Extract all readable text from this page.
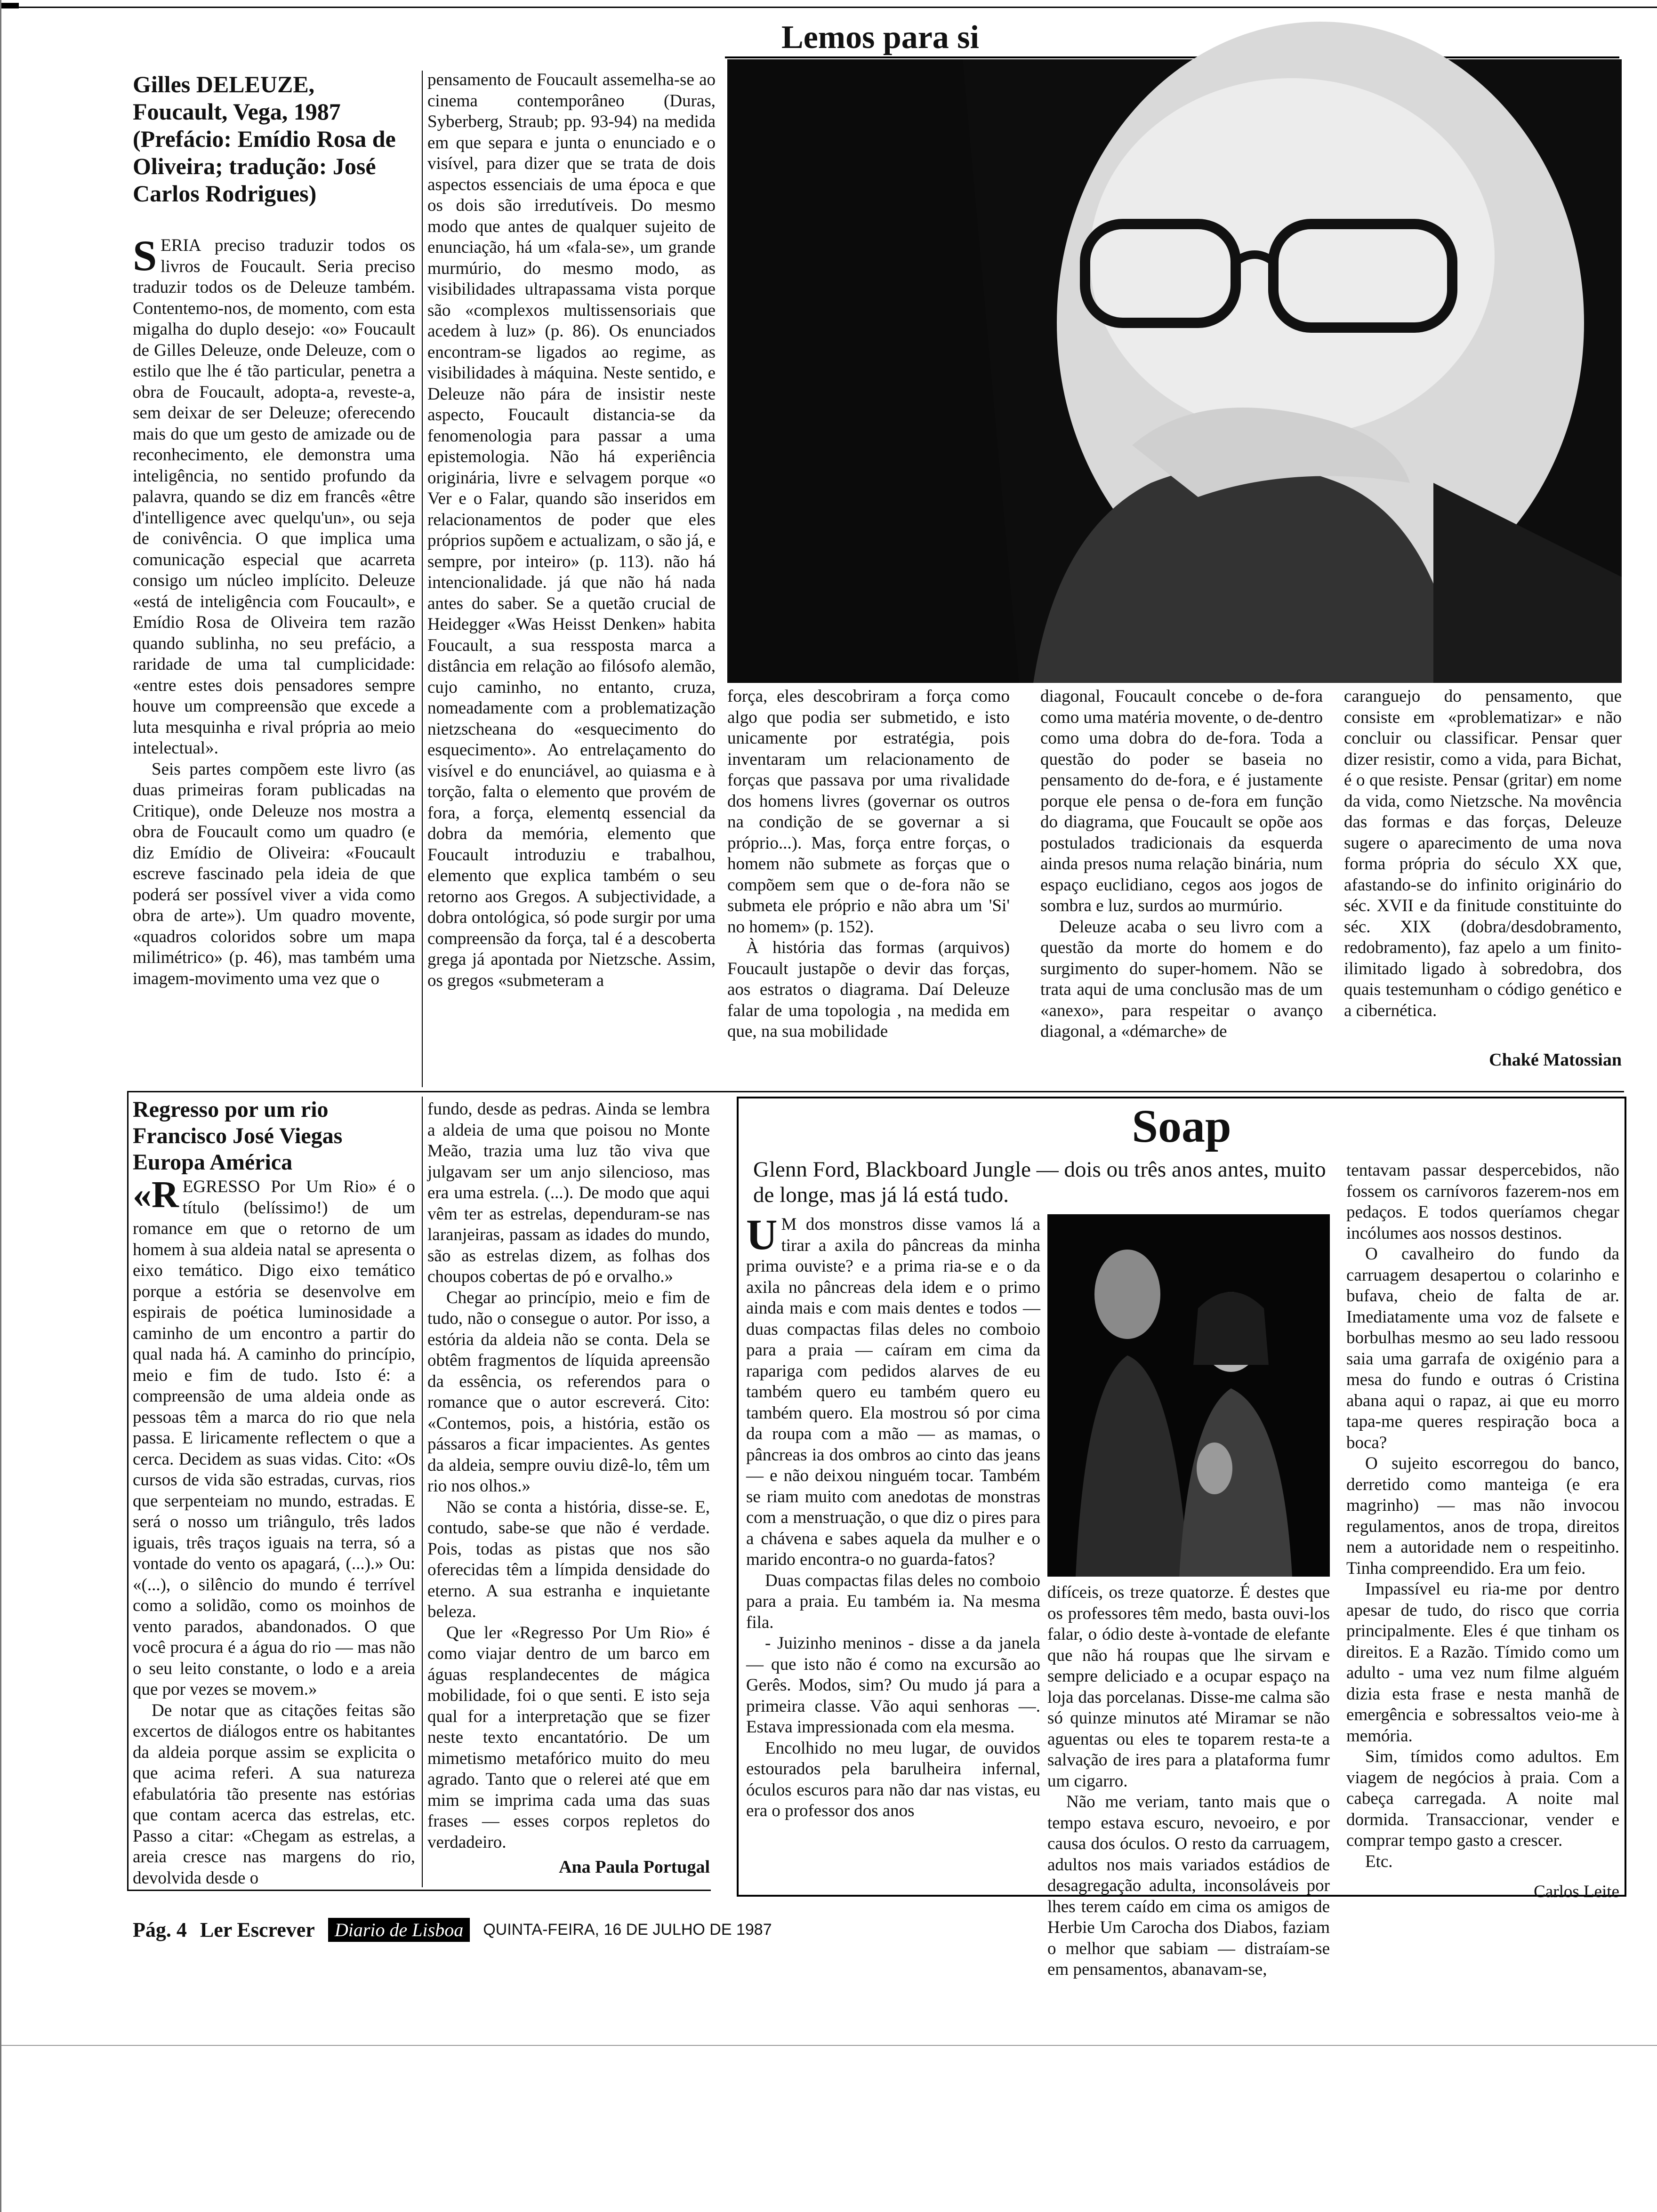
Lemos para si
Gilles DELEUZE,
Foucault, Vega, 1987
(Prefácio: Emídio Rosa de
Oliveira; tradução: José
Carlos Rodrigues)

SERIA preciso traduzir todos os livros de Foucault. Seria preciso traduzir todos os de Deleuze também. Contentemo-nos, de momento, com esta migalha do duplo desejo: «o» Foucault de Gilles Deleuze, onde Deleuze, com o estilo que lhe é tão particular, penetra a obra de Foucault, adopta-a, reveste-a, sem deixar de ser Deleuze; oferecendo mais do que um gesto de amizade ou de reconhecimento, ele demonstra uma inteligência, no sentido profundo da palavra, quando se diz em francês «être d'intelligence avec quelqu'un», ou seja de conivência. O que implica uma comunicação especial que acarreta consigo um núcleo implícito. Deleuze «está de inteligência com Foucault», e Emídio Rosa de Oliveira tem razão quando sublinha, no seu prefácio, a raridade de uma tal cumplicidade: «entre estes dois pensadores sempre houve um compreensão que excede a luta mesquinha e rival própria ao meio intelectual».

Seis partes compõem este livro (as duas primeiras foram publicadas na Critique), onde Deleuze nos mostra a obra de Foucault como um quadro (e diz Emídio de Oliveira: «Foucault escreve fascinado pela ideia de que poderá ser possível viver a vida como obra de arte»). Um quadro movente, «quadros coloridos sobre um mapa milimétrico» (p. 46), mas também uma imagem-movimento uma vez que o

pensamento de Foucault assemelha-se ao cinema contemporâneo (Duras, Syberberg, Straub; pp. 93-94) na medida em que separa e junta o enunciado e o visível, para dizer que se trata de dois aspectos essenciais de uma época e que os dois são irredutíveis. Do mesmo modo que antes de qualquer sujeito de enunciação, há um «fala-se», um grande murmúrio, do mesmo modo, as visibilidades ultrapassama vista porque são «complexos multissensoriais que acedem à luz» (p. 86). Os enunciados encontram-se ligados ao regime, as visibilidades à máquina. Neste sentido, e Deleuze não pára de insistir neste aspecto, Foucault distancia-se da fenomenologia para passar a uma epistemologia. Não há experiência originária, livre e selvagem porque «o Ver e o Falar, quando são inseridos em relacionamentos de poder que eles próprios supõem e actualizam, o são já, e sempre, por inteiro» (p. 113). não há intencionalidade. já que não há nada antes do saber. Se a quetão crucial de Heidegger «Was Heisst Denken» habita Foucault, a sua ressposta marca a distância em relação ao filósofo alemão, cujo caminho, no entanto, cruza, nomeadamente com a problematização nietzscheana do «esquecimento do esquecimento». Ao entrelaçamento do visível e do enunciável, ao quiasma e à torção, falta o elemento que provém de fora, a força, elementq essencial da dobra da memória, elemento que Foucault introduziu e trabalhou, elemento que explica também o seu retorno aos Gregos. A subjectividade, a dobra ontológica, só pode surgir por uma compreensão da força, tal é a descoberta grega já apontada por Nietzsche. Assim, os gregos «submeteram a

força, eles descobriram a força como algo que podia ser submetido, e isto unicamente por estratégia, pois inventaram um relacionamento de forças que passava por uma rivalidade dos homens livres (governar os outros na condição de se governar a si próprio...). Mas, força entre forças, o homem não submete as forças que o compõem sem que o de-fora não se submeta ele próprio e não abra um 'Si' no homem» (p. 152).

À história das formas (arquivos) Foucault justapõe o devir das forças, aos estratos o diagrama. Daí Deleuze falar de uma topologia , na medida em que, na sua mobilidade

diagonal, Foucault concebe o de-fora como uma matéria movente, o de-dentro como uma dobra do de-fora. Toda a questão do poder se baseia no pensamento do de-fora, e é justamente porque ele pensa o de-fora em função do diagrama, que Foucault se opõe aos postulados tradicionais da esquerda ainda presos numa relação binária, num espaço euclidiano, cegos aos jogos de sombra e luz, surdos ao murmúrio.

Deleuze acaba o seu livro com a questão da morte do homem e do surgimento do super-homem. Não se trata aqui de uma conclusão mas de um «anexo», para respeitar o avanço diagonal, a «démarche» de

caranguejo do pensamento, que consiste em «problematizar» e não concluir ou classificar. Pensar quer dizer resistir, como a vida, para Bichat, é o que resiste. Pensar (gritar) em nome da vida, como Nietzsche. Na movência das formas e das forças, Deleuze sugere o aparecimento de uma nova forma própria do século XX que, afastando-se do infinito originário do séc. XVII e da finitude constituinte do séc. XIX (dobra/desdobramento, redobramento), faz apelo a um finito-ilimitado ligado à sobredobra, dos quais testemunham o código genético e a cibernética.

Chaké Matossian
Regresso por um rio
Francisco José Viegas
Europa América

«REGRESSO Por Um Rio» é o título (belíssimo!) de um romance em que o retorno de um homem à sua aldeia natal se apresenta o eixo temático. Digo eixo temático porque a estória se desenvolve em espirais de poética luminosidade a caminho de um encontro a partir do qual nada há. A caminho do princípio, meio e fim de tudo. Isto é: a compreensão de uma aldeia onde as pessoas têm a marca do rio que nela passa. E liricamente reflectem o que a cerca. Decidem as suas vidas. Cito: «Os cursos de vida são estradas, curvas, rios que serpenteiam no mundo, estradas. E será o nosso um triângulo, três lados iguais, três traços iguais na terra, só a vontade do vento os apagará, (...).» Ou: «(...), o silêncio do mundo é terrível como a solidão, como os moinhos de vento parados, abandonados. O que você procura é a água do rio — mas não o seu leito constante, o lodo e a areia que por vezes se movem.»

De notar que as citações feitas são excertos de diálogos entre os habitantes da aldeia porque assim se explicita o que acima referi. A sua natureza efabulatória tão presente nas estórias que contam acerca das estrelas, etc. Passo a citar: «Chegam as estrelas, a areia cresce nas margens do rio, devolvida desde o

fundo, desde as pedras. Ainda se lembra a aldeia de uma que poisou no Monte Meão, trazia uma luz tão viva que julgavam ser um anjo silencioso, mas era uma estrela. (...). De modo que aqui vêm ter as estrelas, dependuram-se nas laranjeiras, passam as idades do mundo, são as estrelas dizem, as folhas dos choupos cobertas de pó e orvalho.»

Chegar ao princípio, meio e fim de tudo, não o consegue o autor. Por isso, a estória da aldeia não se conta. Dela se obtêm fragmentos de líquida apreensão da essência, os referendos para o romance que o autor escreverá. Cito: «Contemos, pois, a história, estão os pássaros a ficar impacientes. As gentes da aldeia, sempre ouviu dizê-lo, têm um rio nos olhos.»

Não se conta a história, disse-se. E, contudo, sabe-se que não é verdade. Pois, todas as pistas que nos são oferecidas têm a límpida densidade do eterno. A sua estranha e inquietante beleza.

Que ler «Regresso Por Um Rio» é como viajar dentro de um barco em águas resplandecentes de mágica mobilidade, foi o que senti. E isto seja qual for a interpretação que se fizer neste texto encantatório. De um mimetismo metafórico muito do meu agrado. Tanto que o relerei até que em mim se imprima cada uma das suas frases — esses corpos repletos do verdadeiro.

Ana Paula Portugal
Soap
Glenn Ford, Blackboard Jungle — dois ou três anos antes, muito de longe, mas já lá está tudo.

U M dos monstros disse vamos lá a tirar a axila do pâncreas da minha prima ouviste? e a prima ria-se e o da axila no pâncreas dela idem e o primo ainda mais e com mais dentes e todos — duas compactas filas deles no comboio para a praia — caíram em cima da rapariga com pedidos alarves de eu também quero eu também quero eu também quero. Ela mostrou só por cima da roupa com a mão — as mamas, o pâncreas ia dos ombros ao cinto das jeans — e não deixou ninguém tocar. Também se riam muito com anedotas de monstras com a menstruação, o que diz o pires para a chávena e sabes aquela da mulher e o marido encontra-o no guarda-fatos?

Duas compactas filas deles no comboio para a praia. Eu também ia. Na mesma fila.

- Juizinho meninos - disse a da janela — que isto não é como na excursão ao Gerês. Modos, sim? Ou mudo já para a primeira classe. Vão aqui senhoras —. Estava impressionada com ela mesma.

Encolhido no meu lugar, de ouvidos estourados pela barulheira infernal, óculos escuros para não dar nas vistas, eu era o professor dos anos

difíceis, os treze quatorze. É destes que os professores têm medo, basta ouvi-los falar, o ódio deste à-vontade de elefante que não há roupas que lhe sirvam e sempre deliciado e a ocupar espaço na loja das porcelanas. Disse-me calma são só quinze minutos até Miramar se não aguentas ou eles te toparem resta-te a salvação de ires para a plataforma fumr um cigarro.

Não me veriam, tanto mais que o tempo estava escuro, nevoeiro, e por causa dos óculos. O resto da carruagem, adultos nos mais variados estádios de desagregação adulta, inconsoláveis por lhes terem caído em cima os amigos de Herbie Um Carocha dos Diabos, faziam o melhor que sabiam — distraíam-se em pensamentos, abanavam-se,

tentavam passar despercebidos, não fossem os carnívoros fazerem-nos em pedaços. E todos queríamos chegar incólumes aos nossos destinos.

O cavalheiro do fundo da carruagem desapertou o colarinho e bufava, cheio de falta de ar. Imediatamente uma voz de falsete e borbulhas mesmo ao seu lado ressoou saia uma garrafa de oxigénio para a mesa do fundo e outras ó Cristina abana aqui o rapaz, ai que eu morro tapa-me queres respiração boca a boca?

O sujeito escorregou do banco, derretido como manteiga (e era magrinho) — mas não invocou regulamentos, anos de tropa, direitos nem a autoridade nem o respeitinho. Tinha compreendido. Era um feio.

Impassível eu ria-me por dentro apesar de tudo, do risco que corria principalmente. Eles é que tinham os direitos. E a Razão. Tímido como um adulto - uma vez num filme alguém dizia esta frase e nesta manhã de emergência e sobressaltos veio-me à memória.

Sim, tímidos como adultos. Em viagem de negócios à praia. Com a cabeça carregada. A noite mal dormida. Transaccionar, vender e comprar tempo gasto a crescer.

Etc.

Carlos Leite

Pág. 4 Ler Escrever	Diario de Lisboa	QUINTA-FEIRA, 16 DE JULHO DE 1987
